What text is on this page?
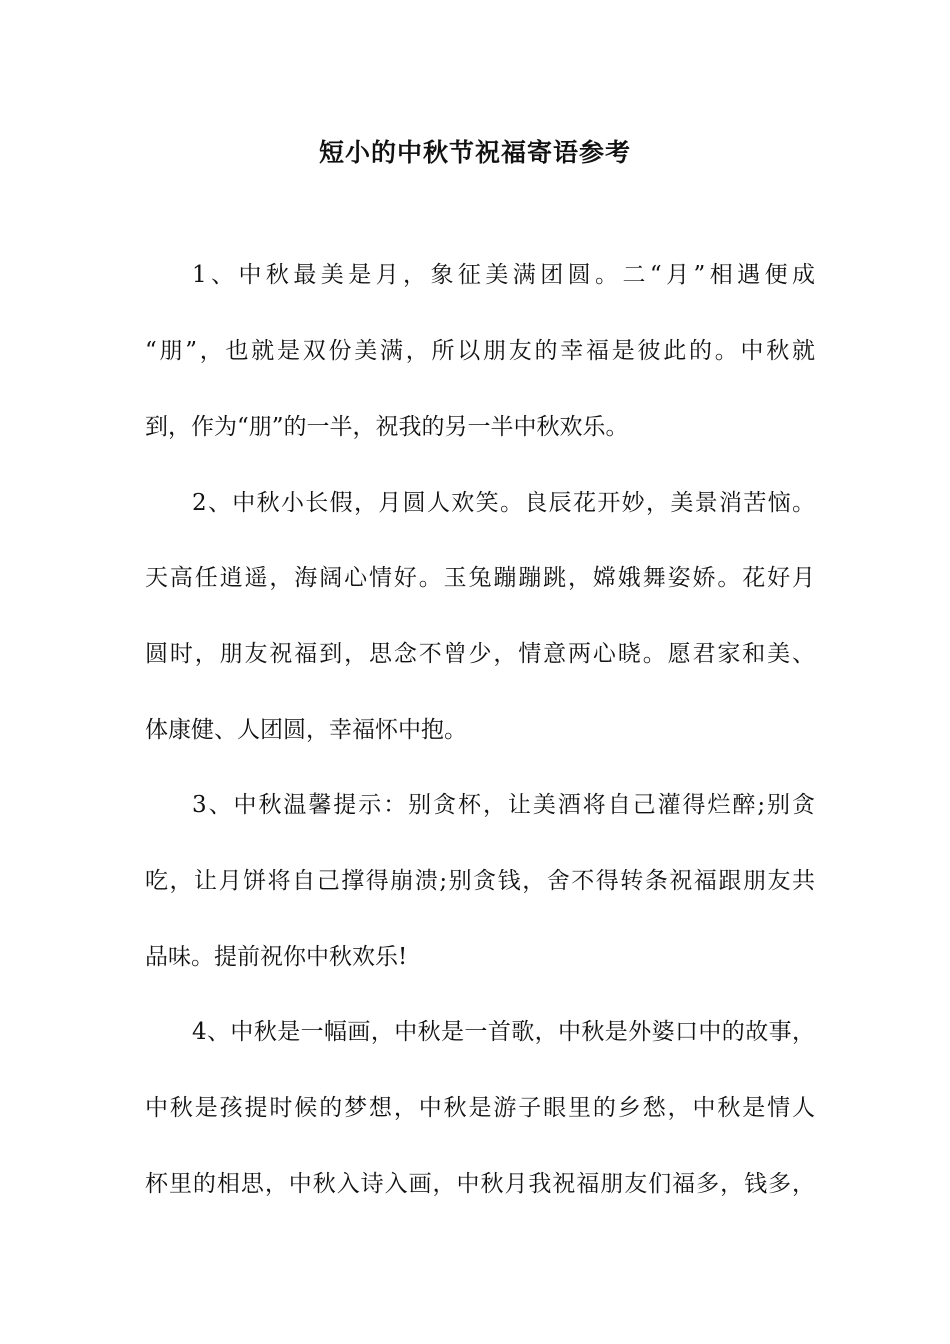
短小的中秋节祝福寄语参考
1、中秋最美是月，象征美满团圆。二“月”相遇便成
“朋”，也就是双份美满，所以朋友的幸福是彼此的。中秋就
到，作为“朋”的一半，祝我的另一半中秋欢乐。
2、中秋小长假，月圆人欢笑。良辰花开妙，美景消苦恼。
天高任逍遥，海阔心情好。玉兔蹦蹦跳，嫦娥舞姿娇。花好月
圆时，朋友祝福到，思念不曾少，情意两心晓。愿君家和美、
体康健、人团圆，幸福怀中抱。
3、中秋温馨提示：别贪杯，让美酒将自己灌得烂醉;别贪
吃，让月饼将自己撑得崩溃;别贪钱，舍不得转条祝福跟朋友共
品味。提前祝你中秋欢乐!
4、中秋是一幅画，中秋是一首歌，中秋是外婆口中的故事，
中秋是孩提时候的梦想，中秋是游子眼里的乡愁，中秋是情人
杯里的相思，中秋入诗入画，中秋月我祝福朋友们福多，钱多，
